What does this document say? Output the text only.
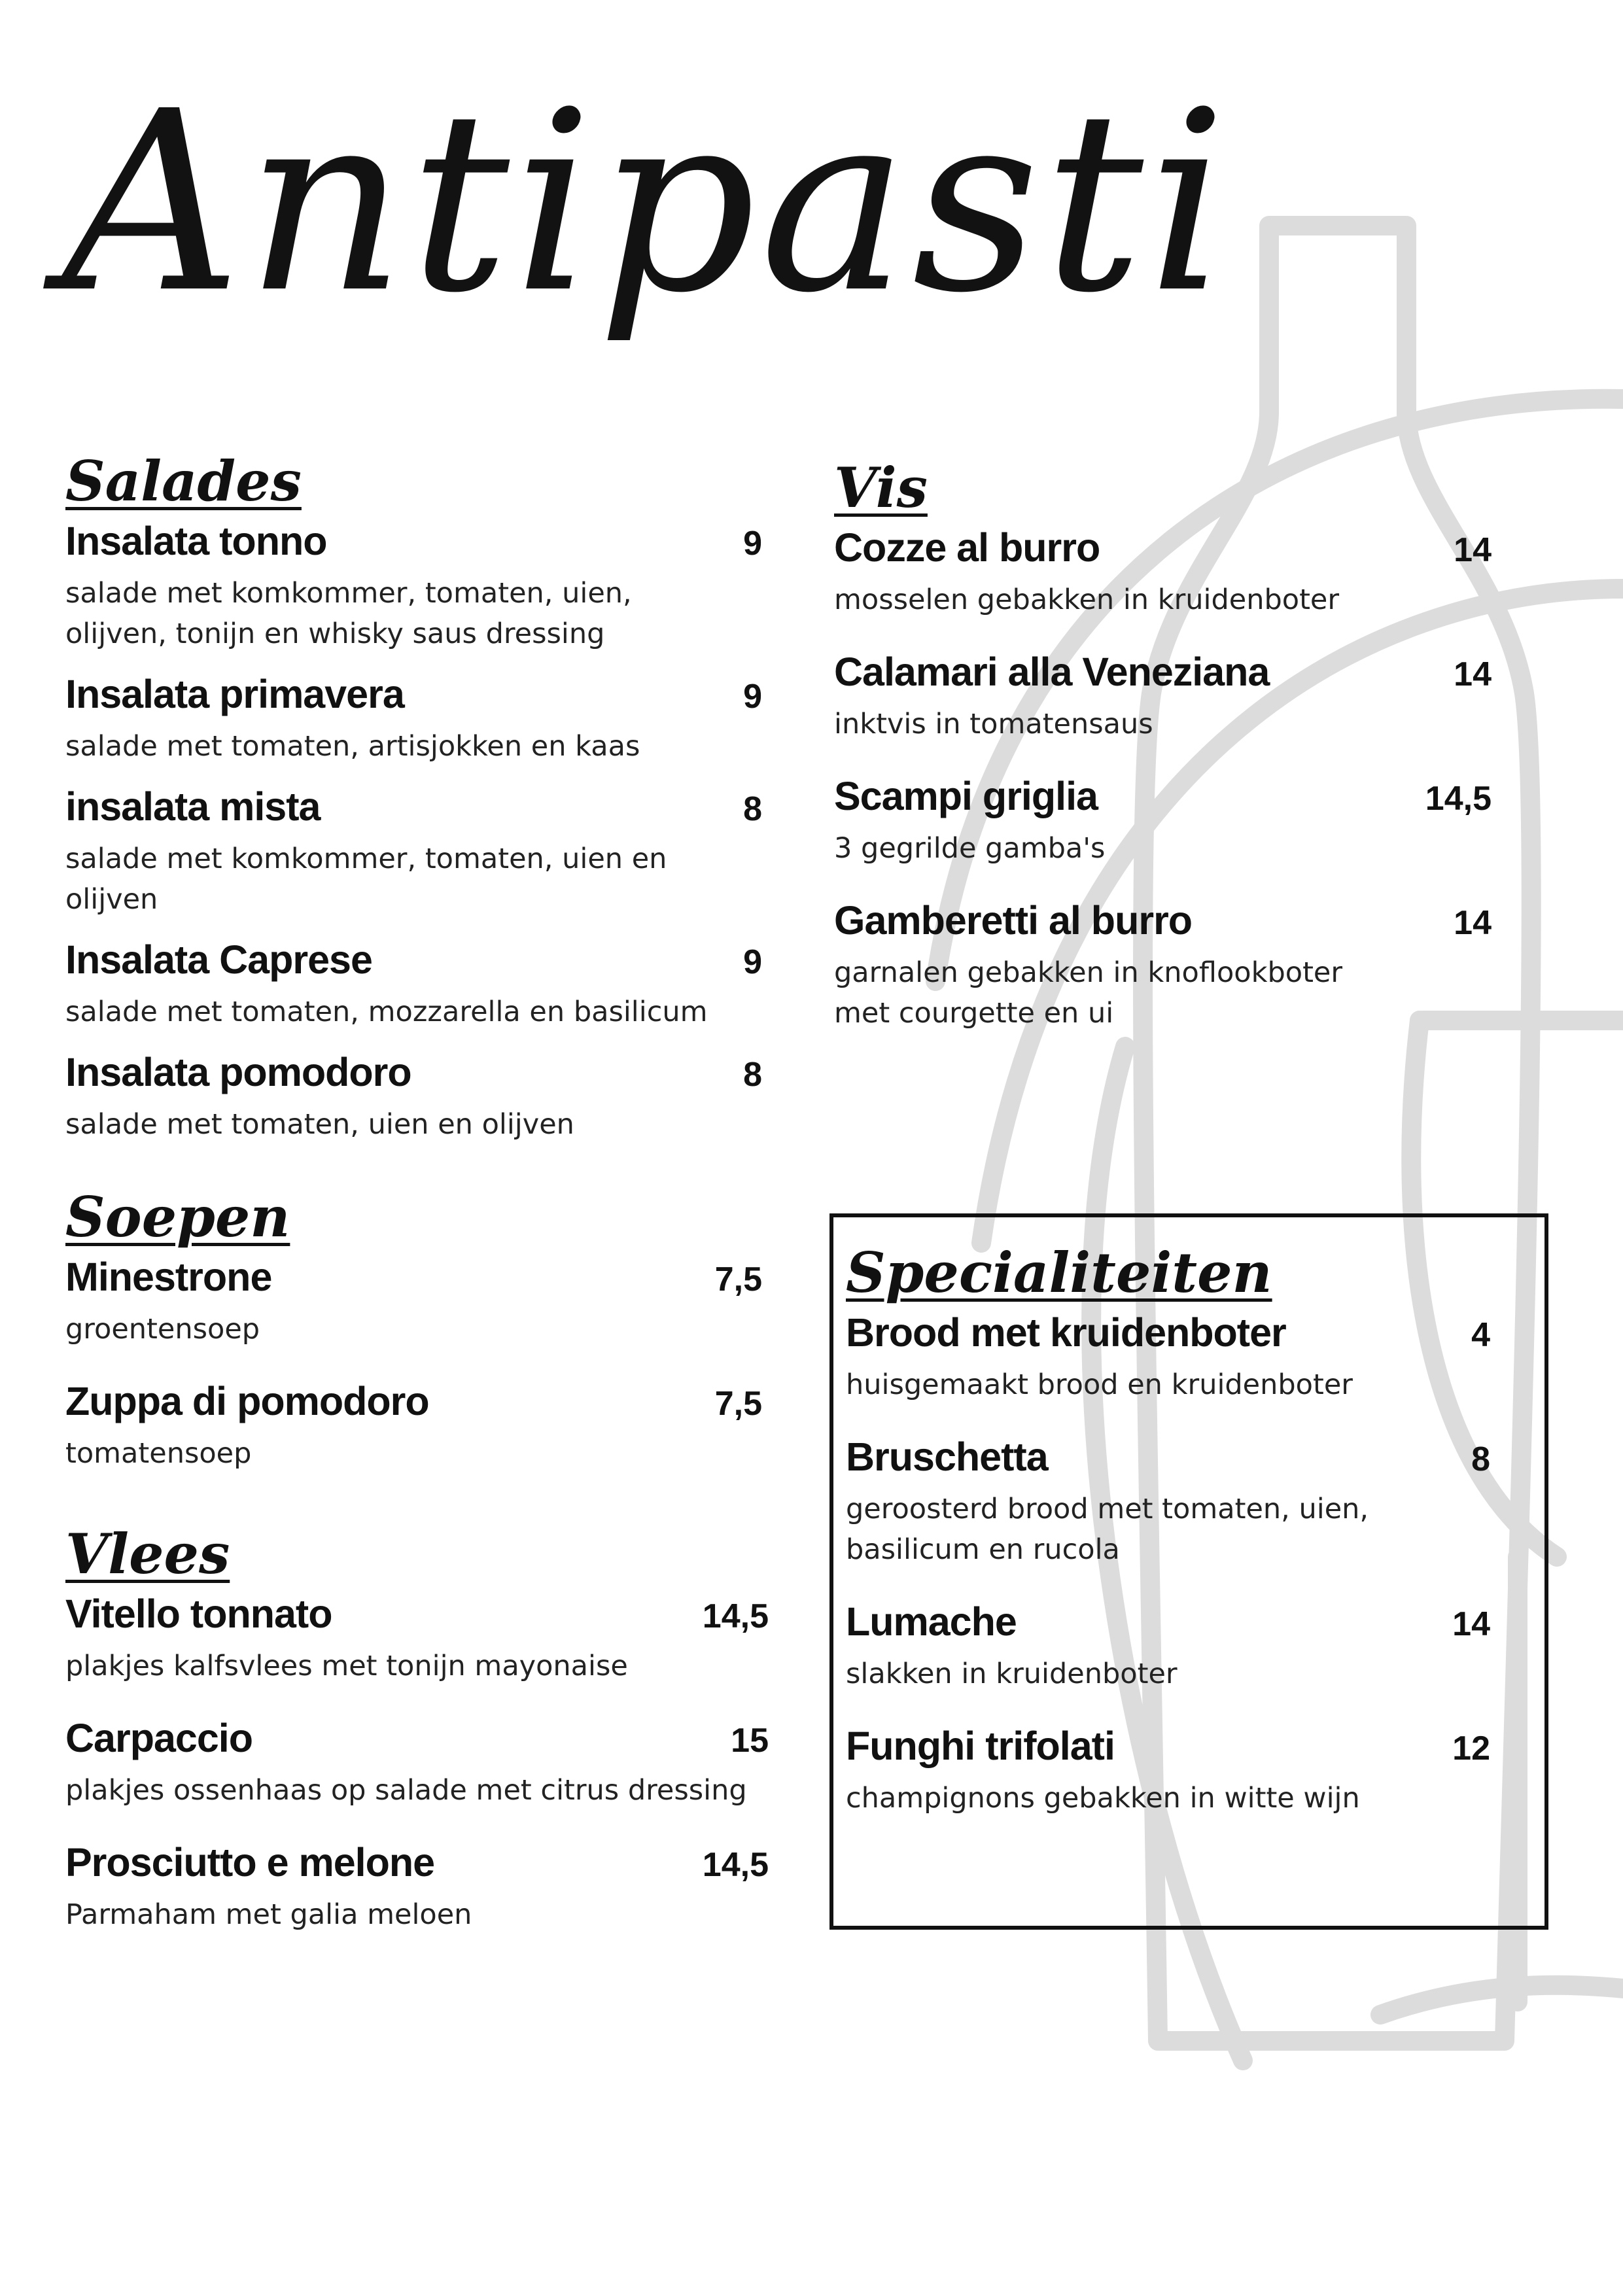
Antipasti
Salades
Insalata tonno	9
salade met komkommer, tomaten, uien, olijven, tonijn en whisky saus dressing
Insalata primavera	9
salade met tomaten, artisjokken en kaas
insalata mista	8
salade met komkommer, tomaten, uien en olijven
Insalata Caprese	9
salade met tomaten, mozzarella en basilicum
Insalata pomodoro	8
salade met tomaten, uien en olijven
Vis
Cozze al burro	14
mosselen gebakken in kruidenboter
Calamari alla Veneziana	14
inktvis in tomatensaus
Scampi griglia	14,5
3 gegrilde gamba's
Gamberetti al burro	14
garnalen gebakken in knoflookboter met courgette en ui
Soepen
Minestrone	7,5
groentensoep
Zuppa di pomodoro	7,5
tomatensoep
Vlees
Vitello tonnato	14,5
plakjes kalfsvlees met tonijn mayonaise
Carpaccio	15
plakjes ossenhaas op salade met citrus dressing
Prosciutto e melone	14,5
Parmaham met galia meloen
Specialiteiten
Brood met kruidenboter	4
huisgemaakt brood en kruidenboter
Bruschetta	8
geroosterd brood met tomaten, uien, basilicum en rucola
Lumache	14
slakken in kruidenboter
Funghi trifolati	12
champignons gebakken in witte wijn
